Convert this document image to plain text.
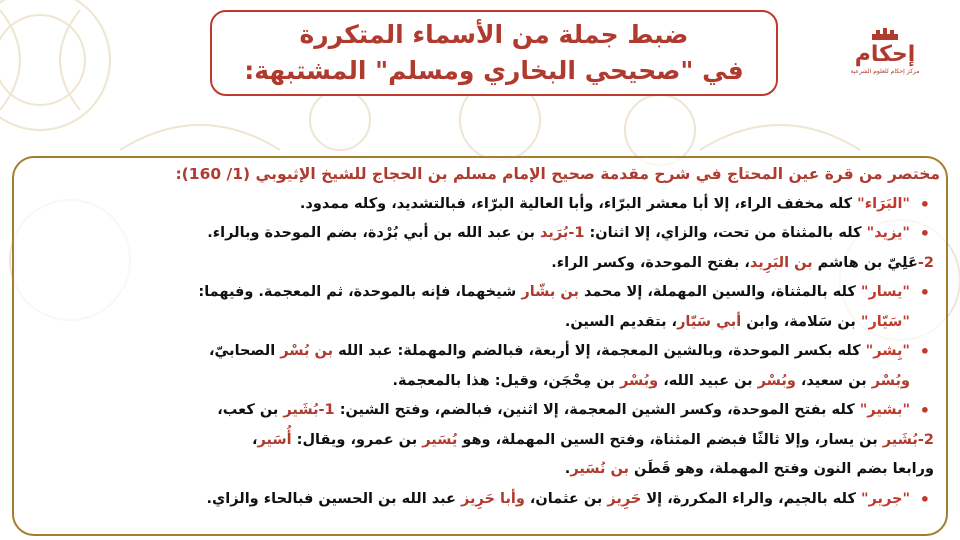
ضبط جملة من الأسماء المتكررة
في "صحيحي البخاري ومسلم" المشتبهة:
إحكام
مركز إحكام للعلوم الشرعية
مختصر من قرة عين المحتاج في شرح مقدمة صحيح الإمام مسلم بن الحجاج للشيخ الإثيوبي (1/ 160):
•
"البَرَاء" كله مخفف الراء، إلا أبا معشر البرّاء، وأبا العالية البرّاء، فبالتشديد، وكله ممدود.
•
"يزيد" كله بالمثناة من تحت، والزاي، إلا اثنان: 1-بُرَيد بن عبد الله بن أبي بُرْدة، بضم الموحدة وبالراء.
2-عَلِيّ بن هاشم بن البَرِيد، بفتح الموحدة، وكسر الراء.
•
"يسار" كله بالمثناة، والسين المهملة، إلا محمد بن بشّار شيخهما، فإنه بالموحدة، ثم المعجمة. وفيهما:
"سَيّار" بن سَلامة، وابن أبي سَيّار، بتقديم السين.
•
"بِشر" كله بكسر الموحدة، وبالشين المعجمة، إلا أربعة، فبالضم والمهملة: عبد الله بن بُسْر الصحابيّ،
وبُسْر بن سعيد، وبُسْر بن عبيد الله، وبُسْر بن مِحْجَن، وقيل: هذا بالمعجمة.
•
"بشير" كله بفتح الموحدة، وكسر الشين المعجمة، إلا اثنين، فبالضم، وفتح الشين: 1-بُشَير بن كعب،
2-بُشَير بن يسار، وإلا ثالثًا فبضم المثناة، وفتح السين المهملة، وهو يُسَير بن عمرو، ويقال: أُسَير،
ورابعا بضم النون وفتح المهملة، وهو قَطَن بن نُسَير.
•
"جرير" كله بالجيم، والراء المكررة، إلا حَرِيز بن عثمان، وأبا حَرِيز عبد الله بن الحسين فبالحاء والزاي.
